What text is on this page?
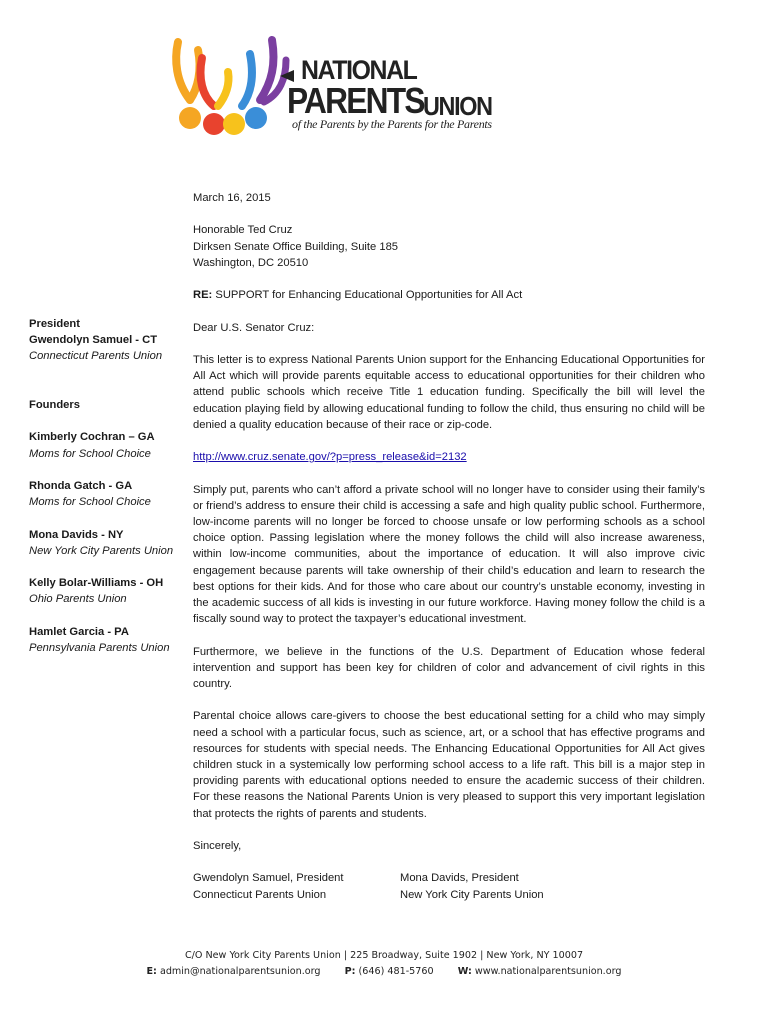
NATIONAL
PARENTS UNION
of the Parents by the Parents for the Parents
President
Gwendolyn Samuel - CT
Connecticut Parents Union
Founders
Kimberly Cochran – GA
Moms for School Choice
Rhonda Gatch - GA
Moms for School Choice
Mona Davids - NY
New York City Parents Union
Kelly Bolar-Williams - OH
Ohio Parents Union
Hamlet Garcia - PA
Pennsylvania Parents Union

March 16, 2015

Honorable Ted Cruz
Dirksen Senate Office Building, Suite 185
Washington, DC 20510

RE: SUPPORT for Enhancing Educational Opportunities for All Act

Dear U.S. Senator Cruz:

This letter is to express National Parents Union support for the Enhancing Educational Opportunities for All Act which will provide parents equitable access to educational opportunities for their children who attend public schools which receive Title 1 education funding. Specifically the bill will level the education playing field by allowing educational funding to follow the child, thus ensuring no child will be denied a quality education because of their race or zip-code.

http://www.cruz.senate.gov/?p=press_release&id=2132

Simply put, parents who can’t afford a private school will no longer have to consider using their family’s or friend’s address to ensure their child is accessing a safe and high quality public school. Furthermore, low-income parents will no longer be forced to choose unsafe or low performing schools as a school choice option. Passing legislation where the money follows the child will also increase awareness, within low-income communities, about the importance of education. It will also improve civic engagement because parents will take ownership of their child’s education and learn to research the best options for their kids. And for those who care about our country’s unstable economy, investing in the academic success of all kids is investing in our future workforce. Having money follow the child is a fiscally sound way to protect the taxpayer’s educational investment.

Furthermore, we believe in the functions of the U.S. Department of Education whose federal intervention and support has been key for children of color and advancement of civil rights in this country.

Parental choice allows care-givers to choose the best educational setting for a child who may simply need a school with a particular focus, such as science, art, or a school that has effective programs and resources for students with special needs. The Enhancing Educational Opportunities for All Act gives children stuck in a systemically low performing school access to a life raft. This bill is a major step in providing parents with educational options needed to ensure the academic success of their children. For these reasons the National Parents Union is very pleased to support this very important legislation that protects the rights of parents and students.

Sincerely,

Gwendolyn Samuel, President
Connecticut Parents Union
Mona Davids, President
New York City Parents Union
C/O New York City Parents Union | 225 Broadway, Suite 1902 | New York, NY 10007
E: admin@nationalparentsunion.org	P: (646) 481-5760	W: www.nationalparentsunion.org
